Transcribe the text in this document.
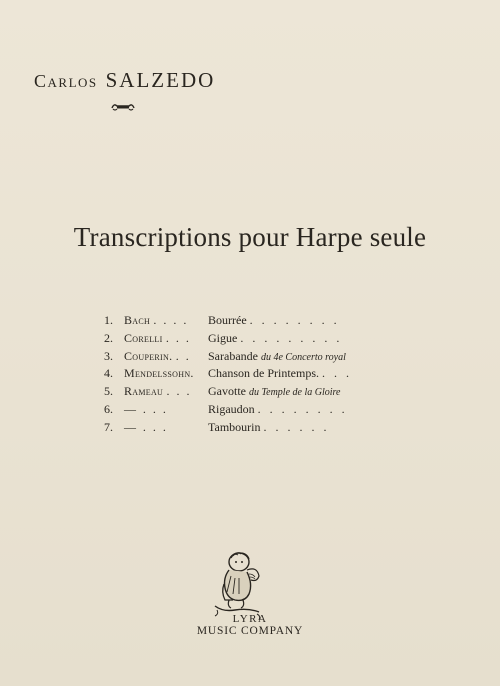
Carlos SALZEDO
Transcriptions pour Harpe seule
1. Bach . . . . Bourrée . . . . . . . .
2. Corelli . . . Gigue . . . . . . . . .
3. Couperin. . . Sarabande du 4e Concerto royal
4. Mendelssohn. Chanson de Printemps. . . .
5. Rameau . . . Gavotte du Temple de la Gloire
6. — . . .	Rigaudon . . . . . . . .
7. — . . .	Tambourin . . . . . .
LYRA
MUSIC COMPANY
